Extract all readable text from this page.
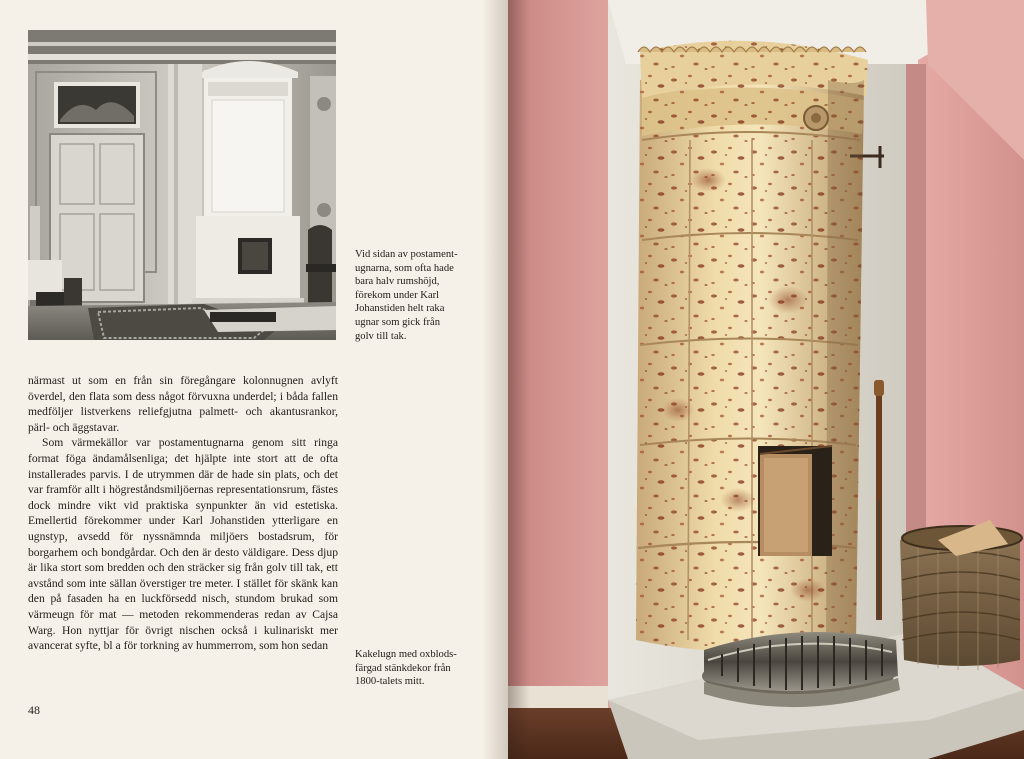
Vid sidan av postament-
ugnarna, som ofta hade
bara halv rumshöjd,
förekom under Karl
Johanstiden helt raka
ugnar som gick från
golv till tak.

närmast ut som en från sin föregångare kolonnugnen avlyft överdel, den flata som dess något förvuxna underdel; i båda fallen medföljer listverkens reliefgjutna palmett- och akantusrankor, pärl- och äggstavar.

Som värmekällor var postamentugnarna genom sitt ringa format föga ändamålsenliga; det hjälpte inte stort att de ofta installerades parvis. I de utrymmen där de hade sin plats, och det var framför allt i högreståndsmiljöernas representationsrum, fästes dock mindre vikt vid praktiska synpunkter än vid estetiska. Emellertid förekommer under Karl Johanstiden ytterligare en ugnstyp, avsedd för nyssnämnda miljöers bostadsrum, för borgarhem och bondgårdar. Och den är desto väldigare. Dess djup är lika stort som bredden och den sträcker sig från golv till tak, ett avstånd som inte sällan överstiger tre meter. I stället för skänk kan den på fasaden ha en luckförsedd nisch, stundom brukad som värmeugn för mat — metoden rekommenderas redan av Cajsa Warg. Hon nyttjar för övrigt nischen också i kulinariskt mer avancerat syfte, bl a för torkning av hummerrom, som hon sedan

Kakelugn med oxblods-
färgad stänkdekor från
1800-talets mitt.
48
